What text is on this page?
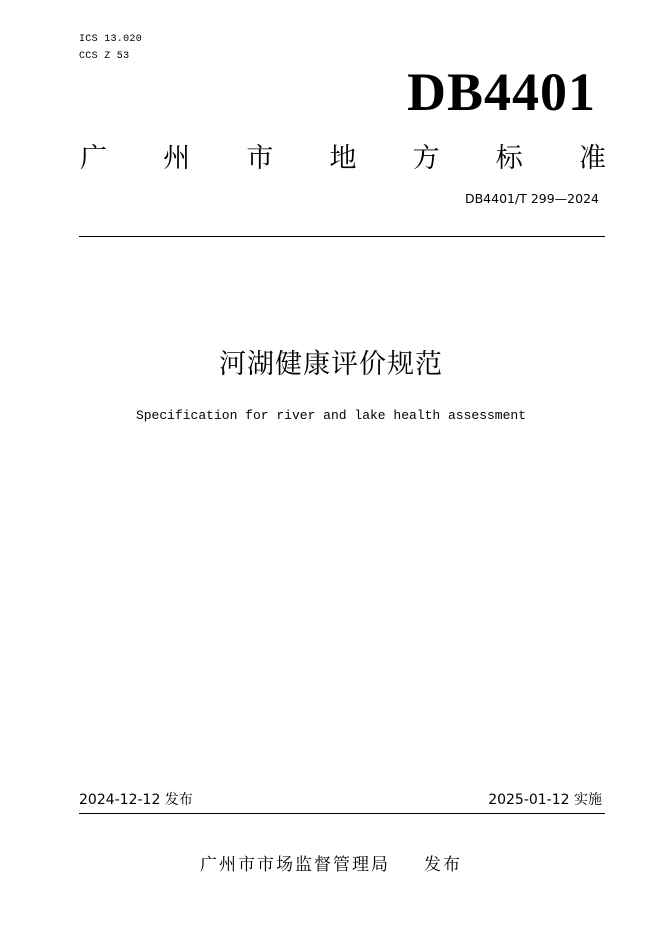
ICS 13.020
CCS Z 53
DB4401
广 州 市 地 方 标 准
DB4401/T 299—2024
河湖健康评价规范
Specification for river and lake health assessment
2024-12-12 发布	2025-01-12 实施
广州市市场监督管理局 发布
